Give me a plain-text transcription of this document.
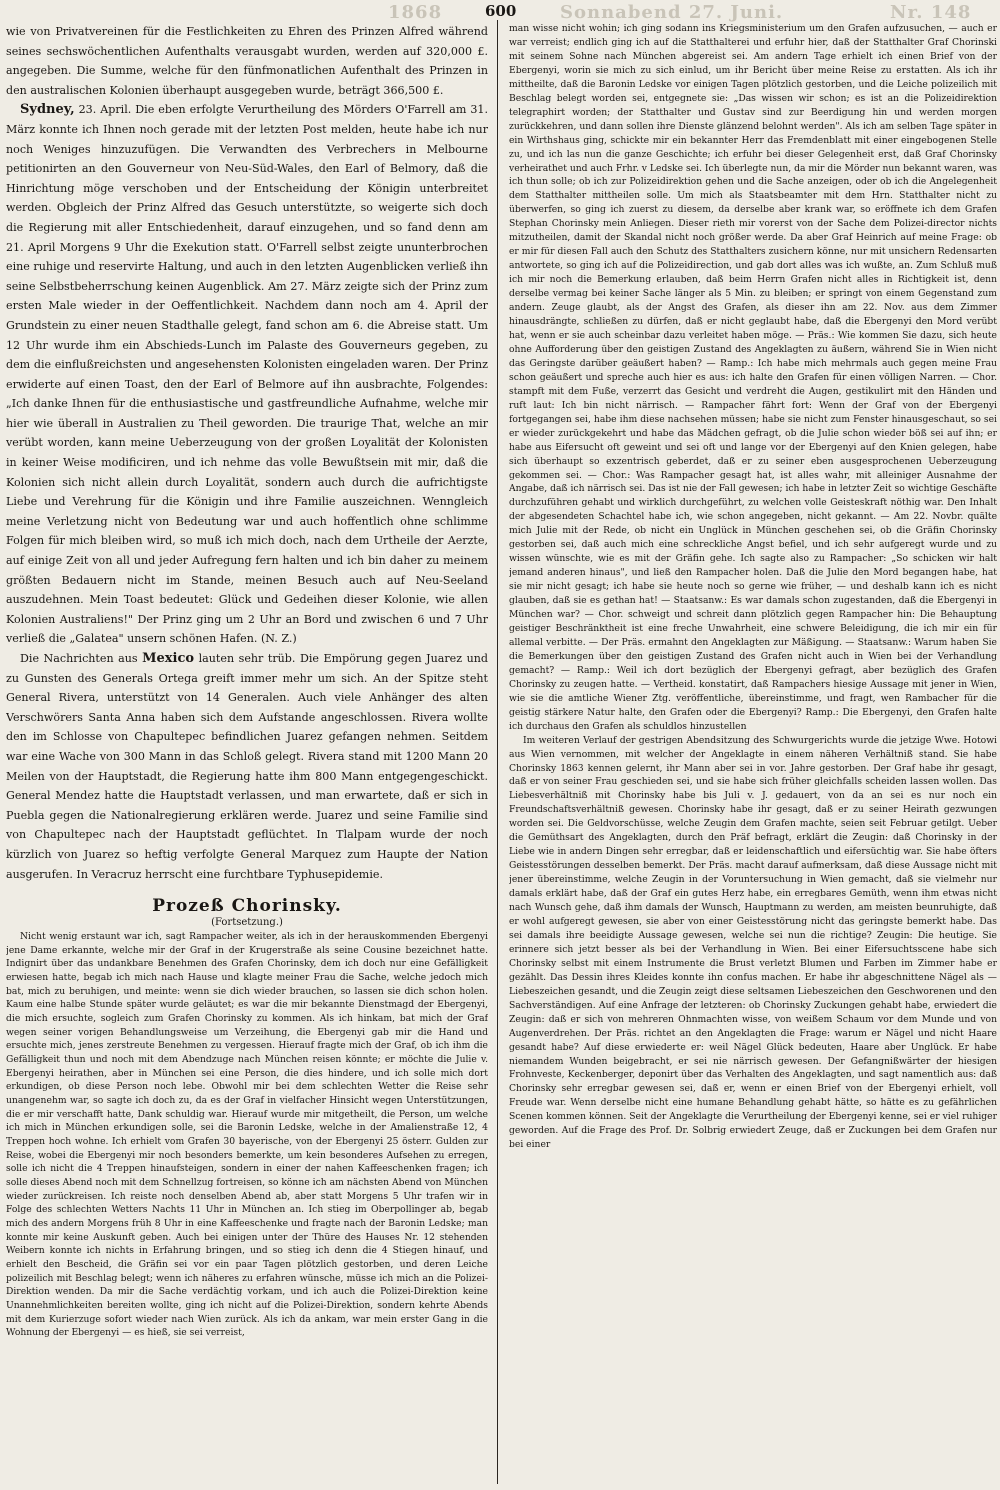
1868	Sonnabend 27. Juni.	Nr. 148
600

wie von Privatvereinen für die Festlichkeiten zu Ehren des Prinzen Alfred während seines sechswöchentlichen Aufenthalts verausgabt wurden, werden auf 320,000 £. angegeben. Die Summe, welche für den fünfmonatlichen Aufenthalt des Prinzen in den australischen Kolonien überhaupt ausgegeben wurde, beträgt 366,500 £.

Sydney, 23. April. Die eben erfolgte Verurtheilung des Mörders O'Farrell am 31. März konnte ich Ihnen noch gerade mit der letzten Post melden, heute habe ich nur noch Weniges hinzuzufügen. Die Verwandten des Verbrechers in Melbourne petitionirten an den Gouverneur von Neu-Süd-Wales, den Earl of Belmory, daß die Hinrichtung möge verschoben und der Entscheidung der Königin unterbreitet werden. Obgleich der Prinz Alfred das Gesuch unterstützte, so weigerte sich doch die Regierung mit aller Entschiedenheit, darauf einzugehen, und so fand denn am 21. April Morgens 9 Uhr die Exekution statt. O'Farrell selbst zeigte ununterbrochen eine ruhige und reservirte Haltung, und auch in den letzten Augenblicken verließ ihn seine Selbstbeherrschung keinen Augenblick. Am 27. März zeigte sich der Prinz zum ersten Male wieder in der Oeffentlichkeit. Nachdem dann noch am 4. April der Grundstein zu einer neuen Stadthalle gelegt, fand schon am 6. die Abreise statt. Um 12 Uhr wurde ihm ein Abschieds-Lunch im Palaste des Gouverneurs gegeben, zu dem die einflußreichsten und angesehensten Kolonisten eingeladen waren. Der Prinz erwiderte auf einen Toast, den der Earl of Belmore auf ihn ausbrachte, Folgendes: „Ich danke Ihnen für die enthusiastische und gastfreundliche Aufnahme, welche mir hier wie überall in Australien zu Theil geworden. Die traurige That, welche an mir verübt worden, kann meine Ueberzeugung von der großen Loyalität der Kolonisten in keiner Weise modificiren, und ich nehme das volle Bewußtsein mit mir, daß die Kolonien sich nicht allein durch Loyalität, sondern auch durch die aufrichtigste Liebe und Verehrung für die Königin und ihre Familie auszeichnen. Wenngleich meine Verletzung nicht von Bedeutung war und auch hoffentlich ohne schlimme Folgen für mich bleiben wird, so muß ich mich doch, nach dem Urtheile der Aerzte, auf einige Zeit von all und jeder Aufregung fern halten und ich bin daher zu meinem größten Bedauern nicht im Stande, meinen Besuch auch auf Neu-Seeland auszudehnen. Mein Toast bedeutet: Glück und Gedeihen dieser Kolonie, wie allen Kolonien Australiens!" Der Prinz ging um 2 Uhr an Bord und zwischen 6 und 7 Uhr verließ die „Galatea" unsern schönen Hafen. (N. Z.)

Die Nachrichten aus Mexico lauten sehr trüb. Die Empörung gegen Juarez und zu Gunsten des Generals Ortega greift immer mehr um sich. An der Spitze steht General Rivera, unterstützt von 14 Generalen. Auch viele Anhänger des alten Verschwörers Santa Anna haben sich dem Aufstande angeschlossen. Rivera wollte den im Schlosse von Chapultepec befindlichen Juarez gefangen nehmen. Seitdem war eine Wache von 300 Mann in das Schloß gelegt. Rivera stand mit 1200 Mann 20 Meilen von der Hauptstadt, die Regierung hatte ihm 800 Mann entgegengeschickt. General Mendez hatte die Hauptstadt verlassen, und man erwartete, daß er sich in Puebla gegen die Nationalregierung erklären werde. Juarez und seine Familie sind von Chapultepec nach der Hauptstadt geflüchtet. In Tlalpam wurde der noch kürzlich von Juarez so heftig verfolgte General Marquez zum Haupte der Nation ausgerufen. In Veracruz herrscht eine furchtbare Typhusepidemie.

Prozeß Chorinsky.
(Fortsetzung.)

Nicht wenig erstaunt war ich, sagt Rampacher weiter, als ich in der herauskommenden Ebergenyi jene Dame erkannte, welche mir der Graf in der Krugerstraße als seine Cousine bezeichnet hatte. Indignirt über das undankbare Benehmen des Grafen Chorinsky, dem ich doch nur eine Gefälligkeit erwiesen hatte, begab ich mich nach Hause und klagte meiner Frau die Sache, welche jedoch mich bat, mich zu beruhigen, und meinte: wenn sie dich wieder brauchen, so lassen sie dich schon holen. Kaum eine halbe Stunde später wurde geläutet; es war die mir bekannte Dienstmagd der Ebergenyi, die mich ersuchte, sogleich zum Grafen Chorinsky zu kommen. Als ich hinkam, bat mich der Graf wegen seiner vorigen Behandlungsweise um Verzeihung, die Ebergenyi gab mir die Hand und ersuchte mich, jenes zerstreute Benehmen zu vergessen. Hierauf fragte mich der Graf, ob ich ihm die Gefälligkeit thun und noch mit dem Abendzuge nach München reisen könnte; er möchte die Julie v. Ebergenyi heirathen, aber in München sei eine Person, die dies hindere, und ich solle mich dort erkundigen, ob diese Person noch lebe. Obwohl mir bei dem schlechten Wetter die Reise sehr unangenehm war, so sagte ich doch zu, da es der Graf in vielfacher Hinsicht wegen Unterstützungen, die er mir verschafft hatte, Dank schuldig war. Hierauf wurde mir mitgetheilt, die Person, um welche ich mich in München erkundigen solle, sei die Baronin Ledske, welche in der Amalienstraße 12, 4 Treppen hoch wohne. Ich erhielt vom Grafen 30 bayerische, von der Ebergenyi 25 österr. Gulden zur Reise, wobei die Ebergenyi mir noch besonders bemerkte, um kein besonderes Aufsehen zu erregen, solle ich nicht die 4 Treppen hinaufsteigen, sondern in einer der nahen Kaffeeschenken fragen; ich solle dieses Abend noch mit dem Schnellzug fortreisen, so könne ich am nächsten Abend von München wieder zurückreisen. Ich reiste noch denselben Abend ab, aber statt Morgens 5 Uhr trafen wir in Folge des schlechten Wetters Nachts 11 Uhr in München an. Ich stieg im Oberpollinger ab, begab mich des andern Morgens früh 8 Uhr in eine Kaffeeschenke und fragte nach der Baronin Ledske; man konnte mir keine Auskunft geben. Auch bei einigen unter der Thüre des Hauses Nr. 12 stehenden Weibern konnte ich nichts in Erfahrung bringen, und so stieg ich denn die 4 Stiegen hinauf, und erhielt den Bescheid, die Gräfin sei vor ein paar Tagen plötzlich gestorben, und deren Leiche polizeilich mit Beschlag belegt; wenn ich näheres zu erfahren wünsche, müsse ich mich an die Polizei-Direktion wenden. Da mir die Sache verdächtig vorkam, und ich auch die Polizei-Direktion keine Unannehmlichkeiten bereiten wollte, ging ich nicht auf die Polizei-Direktion, sondern kehrte Abends mit dem Kurierzuge sofort wieder nach Wien zurück. Als ich da ankam, war mein erster Gang in die Wohnung der Ebergenyi — es hieß, sie sei verreist,

man wisse nicht wohin; ich ging sodann ins Kriegsministerium um den Grafen aufzusuchen, — auch er war verreist; endlich ging ich auf die Statthalterei und erfuhr hier, daß der Statthalter Graf Chorinski mit seinem Sohne nach München abgereist sei. Am andern Tage erhielt ich einen Brief von der Ebergenyi, worin sie mich zu sich einlud, um ihr Bericht über meine Reise zu erstatten. Als ich ihr mittheilte, daß die Baronin Ledske vor einigen Tagen plötzlich gestorben, und die Leiche polizeilich mit Beschlag belegt worden sei, entgegnete sie: „Das wissen wir schon; es ist an die Polizeidirektion telegraphirt worden; der Statthalter und Gustav sind zur Beerdigung hin und werden morgen zurückkehren, und dann sollen ihre Dienste glänzend belohnt werden". Als ich am selben Tage später in ein Wirthshaus ging, schickte mir ein bekannter Herr das Fremdenblatt mit einer eingebogenen Stelle zu, und ich las nun die ganze Geschichte; ich erfuhr bei dieser Gelegenheit erst, daß Graf Chorinsky verheirathet und auch Frhr. v Ledske sei. Ich überlegte nun, da mir die Mörder nun bekannt waren, was ich thun solle; ob ich zur Polizeidirektion gehen und die Sache anzeigen, oder ob ich die Angelegenheit dem Statthalter mittheilen solle. Um mich als Staatsbeamter mit dem Hrn. Statthalter nicht zu überwerfen, so ging ich zuerst zu diesem, da derselbe aber krank war, so eröffnete ich dem Grafen Stephan Chorinsky mein Anliegen. Dieser rieth mir vorerst von der Sache dem Polizei-director nichts mitzutheilen, damit der Skandal nicht noch größer werde. Da aber Graf Heinrich auf meine Frage: ob er mir für diesen Fall auch den Schutz des Statthalters zusichern könne, nur mit unsichern Redensarten antwortete, so ging ich auf die Polizeidirection, und gab dort alles was ich wußte, an. Zum Schluß muß ich mir noch die Bemerkung erlauben, daß beim Herrn Grafen nicht alles in Richtigkeit ist, denn derselbe vermag bei keiner Sache länger als 5 Min. zu bleiben; er springt von einem Gegenstand zum andern. Zeuge glaubt, als der Angst des Grafen, als dieser ihn am 22. Nov. aus dem Zimmer hinausdrängte, schließen zu dürfen, daß er nicht geglaubt habe, daß die Ebergenyi den Mord verübt hat, wenn er sie auch scheinbar dazu verleitet haben möge. — Präs.: Wie kommen Sie dazu, sich heute ohne Aufforderung über den geistigen Zustand des Angeklagten zu äußern, während Sie in Wien nicht das Geringste darüber geäußert haben? — Ramp.: Ich habe mich mehrmals auch gegen meine Frau schon geäußert und spreche auch hier es aus: ich halte den Grafen für einen völligen Narren. — Chor. stampft mit dem Fuße, verzerrt das Gesicht und verdreht die Augen, gestikulirt mit den Händen und ruft laut: Ich bin nicht närrisch. — Rampacher fährt fort: Wenn der Graf von der Ebergenyi fortgegangen sei, habe ihm diese nachsehen müssen; habe sie nicht zum Fenster hinausgeschaut, so sei er wieder zurückgekehrt und habe das Mädchen gefragt, ob die Julie schon wieder böß sei auf ihn; er habe aus Eifersucht oft geweint und sei oft und lange vor der Ebergenyi auf den Knien gelegen, habe sich überhaupt so exzentrisch geberdet, daß er zu seiner eben ausgesprochenen Ueberzeugung gekommen sei. — Chor.: Was Rampacher gesagt hat, ist alles wahr, mit alleiniger Ausnahme der Angabe, daß ich närrisch sei. Das ist nie der Fall gewesen; ich habe in letzter Zeit so wichtige Geschäfte durchzuführen gehabt und wirklich durchgeführt, zu welchen volle Geisteskraft nöthig war. Den Inhalt der abgesendeten Schachtel habe ich, wie schon angegeben, nicht gekannt. — Am 22. Novbr. quälte mich Julie mit der Rede, ob nicht ein Unglück in München geschehen sei, ob die Gräfin Chorinsky gestorben sei, daß auch mich eine schreckliche Angst befiel, und ich sehr aufgeregt wurde und zu wissen wünschte, wie es mit der Gräfin gehe. Ich sagte also zu Rampacher: „So schicken wir halt jemand anderen hinaus", und ließ den Rampacher holen. Daß die Julie den Mord begangen habe, hat sie mir nicht gesagt; ich habe sie heute noch so gerne wie früher, — und deshalb kann ich es nicht glauben, daß sie es gethan hat! — Staatsanw.: Es war damals schon zugestanden, daß die Ebergenyi in München war? — Chor. schweigt und schreit dann plötzlich gegen Rampacher hin: Die Behauptung geistiger Beschränktheit ist eine freche Unwahrheit, eine schwere Beleidigung, die ich mir ein für allemal verbitte. — Der Präs. ermahnt den Angeklagten zur Mäßigung. — Staatsanw.: Warum haben Sie die Bemerkungen über den geistigen Zustand des Grafen nicht auch in Wien bei der Verhandlung gemacht? — Ramp.: Weil ich dort bezüglich der Ebergenyi gefragt, aber bezüglich des Grafen Chorinsky zu zeugen hatte. — Vertheid. konstatirt, daß Rampachers hiesige Aussage mit jener in Wien, wie sie die amtliche Wiener Ztg. veröffentliche, übereinstimme, und fragt, wen Rambacher für die geistig stärkere Natur halte, den Grafen oder die Ebergenyi? Ramp.: Die Ebergenyi, den Grafen halte ich durchaus den Grafen als schuldlos hinzustellen

Im weiteren Verlauf der gestrigen Abendsitzung des Schwurgerichts wurde die jetzige Wwe. Hotowi aus Wien vernommen, mit welcher der Angeklagte in einem näheren Verhältniß stand. Sie habe Chorinsky 1863 kennen gelernt, ihr Mann aber sei in vor. Jahre gestorben. Der Graf habe ihr gesagt, daß er von seiner Frau geschieden sei, und sie habe sich früher gleichfalls scheiden lassen wollen. Das Liebesverhältniß mit Chorinsky habe bis Juli v. J. gedauert, von da an sei es nur noch ein Freundschaftsverhältniß gewesen. Chorinsky habe ihr gesagt, daß er zu seiner Heirath gezwungen worden sei. Die Geldvorschüsse, welche Zeugin dem Grafen machte, seien seit Februar getilgt. Ueber die Gemüthsart des Angeklagten, durch den Präf befragt, erklärt die Zeugin: daß Chorinsky in der Liebe wie in andern Dingen sehr erregbar, daß er leidenschaftlich und eifersüchtig war. Sie habe öfters Geistesstörungen desselben bemerkt. Der Präs. macht darauf aufmerksam, daß diese Aussage nicht mit jener übereinstimme, welche Zeugin in der Voruntersuchung in Wien gemacht, daß sie vielmehr nur damals erklärt habe, daß der Graf ein gutes Herz habe, ein erregbares Gemüth, wenn ihm etwas nicht nach Wunsch gehe, daß ihm damals der Wunsch, Hauptmann zu werden, am meisten beunruhigte, daß er wohl aufgeregt gewesen, sie aber von einer Geistesstörung nicht das geringste bemerkt habe. Das sei damals ihre beeidigte Aussage gewesen, welche sei nun die richtige? Zeugin: Die heutige. Sie erinnere sich jetzt besser als bei der Verhandlung in Wien. Bei einer Eifersuchtsscene habe sich Chorinsky selbst mit einem Instrumente die Brust verletzt Blumen und Farben im Zimmer habe er gezählt. Das Dessin ihres Kleides konnte ihn confus machen. Er habe ihr abgeschnittene Nägel als — Liebeszeichen gesandt, und die Zeugin zeigt diese seltsamen Liebeszeichen den Geschworenen und den Sachverständigen. Auf eine Anfrage der letzteren: ob Chorinsky Zuckungen gehabt habe, erwiedert die Zeugin: daß er sich von mehreren Ohnmachten wisse, von weißem Schaum vor dem Munde und von Augenverdrehen. Der Präs. richtet an den Angeklagten die Frage: warum er Nägel und nicht Haare gesandt habe? Auf diese erwiederte er: weil Nägel Glück bedeuten, Haare aber Unglück. Er habe niemandem Wunden beigebracht, er sei nie närrisch gewesen. Der Gefangnißwärter der hiesigen Frohnveste, Keckenberger, deponirt über das Verhalten des Angeklagten, und sagt namentlich aus: daß Chorinsky sehr erregbar gewesen sei, daß er, wenn er einen Brief von der Ebergenyi erhielt, voll Freude war. Wenn derselbe nicht eine humane Behandlung gehabt hätte, so hätte es zu gefährlichen Scenen kommen können. Seit der Angeklagte die Verurtheilung der Ebergenyi kenne, sei er viel ruhiger geworden. Auf die Frage des Prof. Dr. Solbrig erwiedert Zeuge, daß er Zuckungen bei dem Grafen nur bei einer
